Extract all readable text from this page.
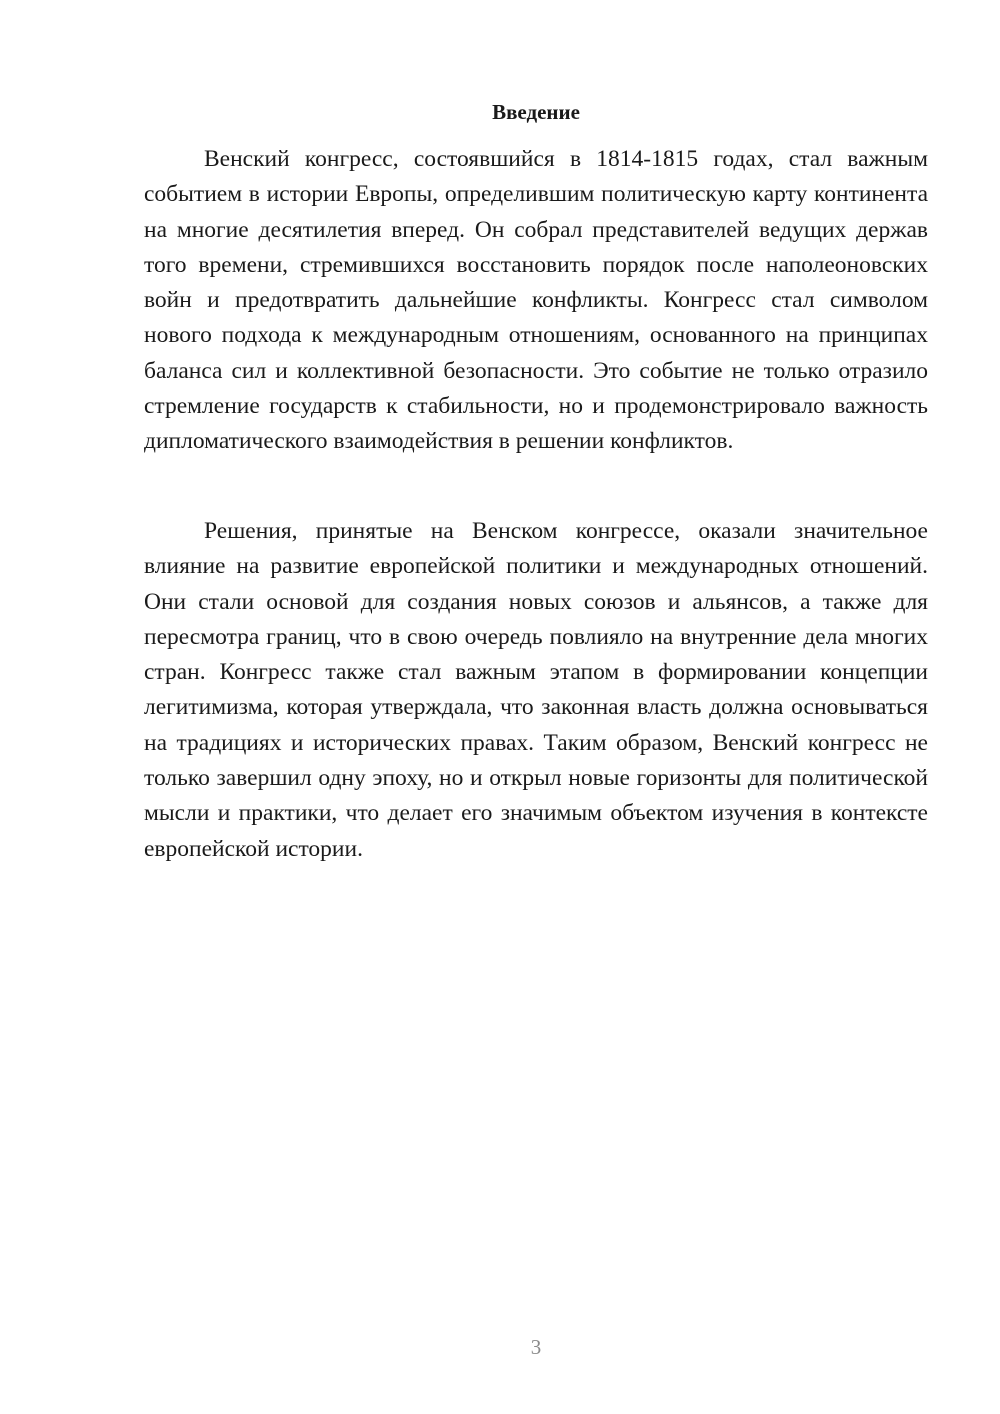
Введение

Венский конгресс, состоявшийся в 1814-1815 годах, стал важным событием в истории Европы, определившим политическую карту континента на многие десятилетия вперед. Он собрал представителей ведущих держав того времени, стремившихся восстановить порядок после наполеоновских войн и предотвратить дальнейшие конфликты. Конгресс стал символом нового подхода к международным отношениям, основанного на принципах баланса сил и коллективной безопасности. Это событие не только отразило стремление государств к стабильности, но и продемонстрировало важность дипломатического взаимодействия в решении конфликтов.

Решения, принятые на Венском конгрессе, оказали значительное влияние на развитие европейской политики и международных отношений. Они стали основой для создания новых союзов и альянсов, а также для пересмотра границ, что в свою очередь повлияло на внутренние дела многих стран. Конгресс также стал важным этапом в формировании концепции легитимизма, которая утверждала, что законная власть должна основываться на традициях и исторических правах. Таким образом, Венский конгресс не только завершил одну эпоху, но и открыл новые горизонты для политической мысли и практики, что делает его значимым объектом изучения в контексте европейской истории.

3
